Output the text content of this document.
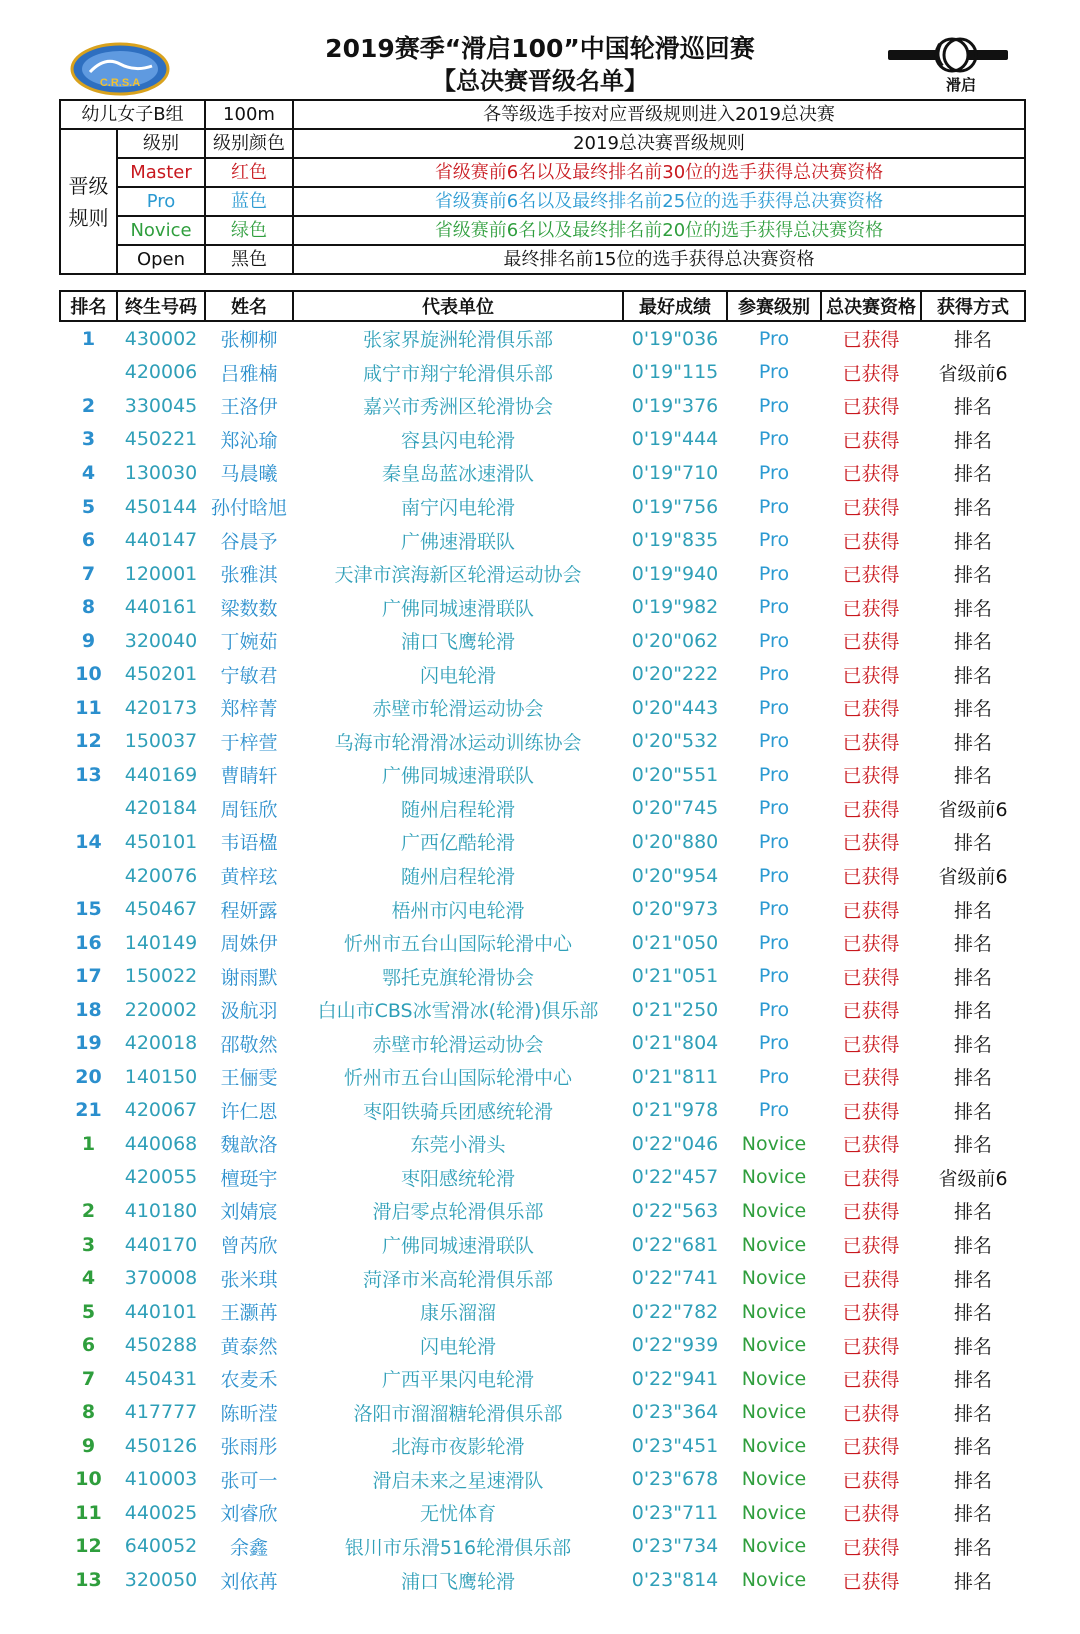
C.R.S.A	滑启
2019赛季“滑启100”中国轮滑巡回赛
【总决赛晋级名单】
幼儿女子B组		100m	各等级选手按对应晋级规则进入2019总决赛
晋级规则	级别	级别颜色	2019总决赛晋级规则
	Master	红色	省级赛前6名以及最终排名前30位的选手获得总决赛资格
	Pro	蓝色	省级赛前6名以及最终排名前25位的选手获得总决赛资格
	Novice	绿色	省级赛前6名以及最终排名前20位的选手获得总决赛资格
	Open	黑色	最终排名前15位的选手获得总决赛资格
排名	终生号码	姓名	代表单位	最好成绩	参赛级别	总决赛资格	获得方式
1	430002	张柳柳	张家界旋洲轮滑俱乐部	0'19"036	Pro	已获得	排名
	420006	吕雅楠	咸宁市翔宁轮滑俱乐部	0'19"115	Pro	已获得	省级前6
2	330045	王洛伊	嘉兴市秀洲区轮滑协会	0'19"376	Pro	已获得	排名
3	450221	郑沁瑜	容县闪电轮滑	0'19"444	Pro	已获得	排名
4	130030	马晨曦	秦皇岛蓝冰速滑队	0'19"710	Pro	已获得	排名
5	450144	孙付晗旭	南宁闪电轮滑	0'19"756	Pro	已获得	排名
6	440147	谷晨予	广佛速滑联队	0'19"835	Pro	已获得	排名
7	120001	张雅淇	天津市滨海新区轮滑运动协会	0'19"940	Pro	已获得	排名
8	440161	梁数数	广佛同城速滑联队	0'19"982	Pro	已获得	排名
9	320040	丁婉茹	浦口飞鹰轮滑	0'20"062	Pro	已获得	排名
10	450201	宁敏君	闪电轮滑	0'20"222	Pro	已获得	排名
11	420173	郑梓菁	赤壁市轮滑运动协会	0'20"443	Pro	已获得	排名
12	150037	于梓萱	乌海市轮滑滑冰运动训练协会	0'20"532	Pro	已获得	排名
13	440169	曹睛轩	广佛同城速滑联队	0'20"551	Pro	已获得	排名
	420184	周钰欣	随州启程轮滑	0'20"745	Pro	已获得	省级前6
14	450101	韦语楹	广西亿酷轮滑	0'20"880	Pro	已获得	排名
	420076	黄梓玹	随州启程轮滑	0'20"954	Pro	已获得	省级前6
15	450467	程妍露	梧州市闪电轮滑	0'20"973	Pro	已获得	排名
16	140149	周姝伊	忻州市五台山国际轮滑中心	0'21"050	Pro	已获得	排名
17	150022	谢雨默	鄂托克旗轮滑协会	0'21"051	Pro	已获得	排名
18	220002	汲航羽	白山市CBS冰雪滑冰(轮滑)俱乐部	0'21"250	Pro	已获得	排名
19	420018	邵敬然	赤壁市轮滑运动协会	0'21"804	Pro	已获得	排名
20	140150	王俪雯	忻州市五台山国际轮滑中心	0'21"811	Pro	已获得	排名
21	420067	许仁恩	枣阳铁骑兵团感统轮滑	0'21"978	Pro	已获得	排名
1	440068	魏歆洛	东莞小滑头	0'22"046	Novice	已获得	排名
	420055	檀珽宇	枣阳感统轮滑	0'22"457	Novice	已获得	省级前6
2	410180	刘婧宸	滑启零点轮滑俱乐部	0'22"563	Novice	已获得	排名
3	440170	曾芮欣	广佛同城速滑联队	0'22"681	Novice	已获得	排名
4	370008	张米琪	菏泽市米高轮滑俱乐部	0'22"741	Novice	已获得	排名
5	440101	王灏苒	康乐溜溜	0'22"782	Novice	已获得	排名
6	450288	黄泰然	闪电轮滑	0'22"939	Novice	已获得	排名
7	450431	农麦禾	广西平果闪电轮滑	0'22"941	Novice	已获得	排名
8	417777	陈昕滢	洛阳市溜溜糖轮滑俱乐部	0'23"364	Novice	已获得	排名
9	450126	张雨彤	北海市夜影轮滑	0'23"451	Novice	已获得	排名
10	410003	张可一	滑启未来之星速滑队	0'23"678	Novice	已获得	排名
11	440025	刘睿欣	无忧体育	0'23"711	Novice	已获得	排名
12	640052	余鑫	银川市乐滑516轮滑俱乐部	0'23"734	Novice	已获得	排名
13	320050	刘依苒	浦口飞鹰轮滑	0'23"814	Novice	已获得	排名
